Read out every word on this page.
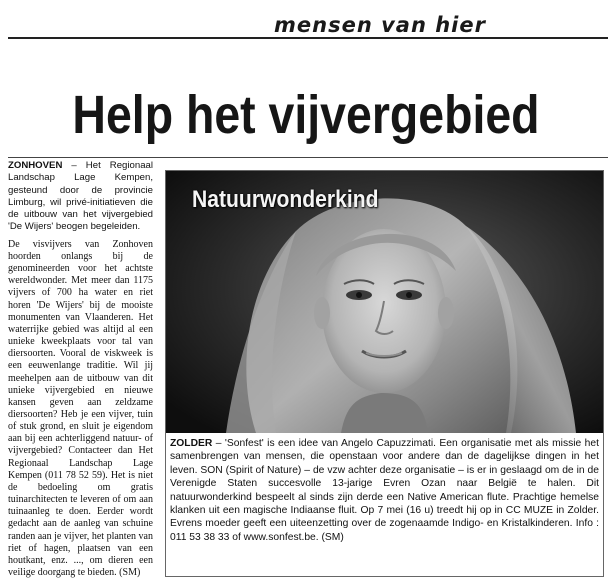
mensen van hier
Help het vijvergebied

ZONHOVEN – Het Regionaal Landschap Lage Kempen, gesteund door de provincie Limburg, wil privé-initiatieven die de uitbouw van het vijvergebied 'De Wijers' beogen begeleiden.

De visvijvers van Zonhoven hoorden onlangs bij de genomineerden voor het achtste wereldwonder. Met meer dan 1175 vijvers of 700 ha water en riet horen 'De Wijers' bij de mooiste monumenten van Vlaanderen. Het waterrijke gebied was altijd al een unieke kweekplaats voor tal van diersoorten. Vooral de viskweek is een eeuwenlange traditie. Wil jij meehelpen aan de uitbouw van dit unieke vijvergebied en nieuwe kansen geven aan zeldzame diersoorten? Heb je een vijver, tuin of stuk grond, en sluit je eigendom aan bij een achterliggend natuur- of vijvergebied? Contacteer dan Het Regionaal Landschap Lage Kempen (011 78 52 59). Het is niet de bedoeling om gratis tuinarchitecten te leveren of om aan tuinaanleg te doen. Eerder wordt gedacht aan de aanleg van schuine randen aan je vijver, het planten van riet of hagen, plaatsen van een houtkant, enz. ..., om dieren een veilige doorgang te bieden. (SM)

Natuurwonderkind

ZOLDER – 'Sonfest' is een idee van Angelo Capuzzimati. Een organisatie met als missie het samenbrengen van mensen, die openstaan voor andere dan de dagelijkse dingen in het leven. SON (Spirit of Nature) – de vzw achter deze organisatie – is er in geslaagd om de in de Verenigde Staten succesvolle 13-jarige Evren Ozan naar België te halen. Dit natuurwonderkind bespeelt al sinds zijn derde een Native American flute. Prachtige hemelse klanken uit een magische Indiaanse fluit. Op 7 mei (16 u) treedt hij op in CC MUZE in Zolder. Evrens moeder geeft een uiteenzetting over de zogenaamde Indigo- en Kristalkinderen. Info : 011 53 38 33 of www.sonfest.be. (SM)
